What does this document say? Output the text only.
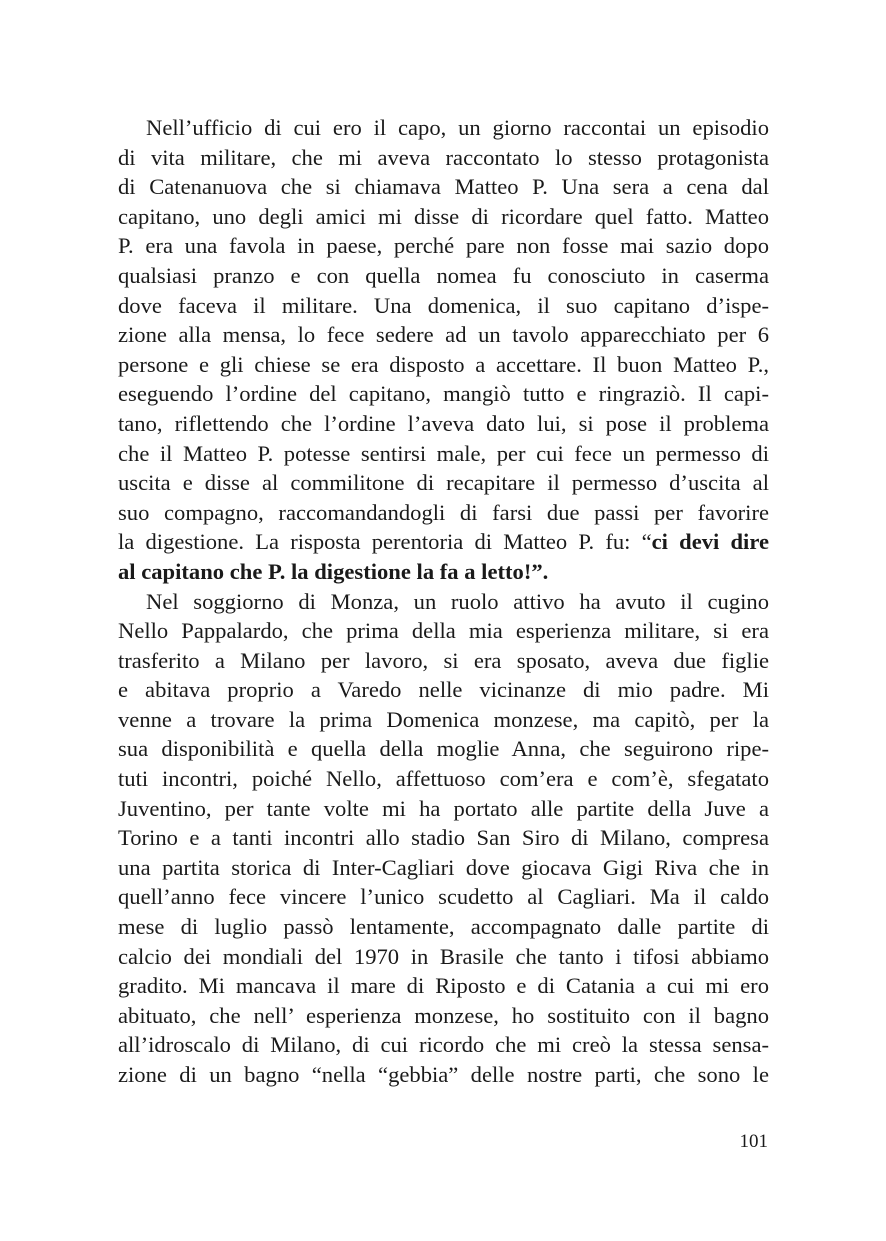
Nell’ufficio di cui ero il capo, un giorno raccontai un episodio
di vita militare, che mi aveva raccontato lo stesso protagonista
di Catenanuova che si chiamava Matteo P. Una sera a cena dal
capitano, uno degli amici mi disse di ricordare quel fatto. Matteo
P. era una favola in paese, perché pare non fosse mai sazio dopo
qualsiasi pranzo e con quella nomea fu conosciuto in caserma
dove faceva il militare. Una domenica, il suo capitano d’ispe-
zione alla mensa, lo fece sedere ad un tavolo apparecchiato per 6
persone e gli chiese se era disposto a accettare. Il buon Matteo P.,
eseguendo l’ordine del capitano, mangiò tutto e ringraziò. Il capi-
tano, riflettendo che l’ordine l’aveva dato lui, si pose il problema
che il Matteo P. potesse sentirsi male, per cui fece un permesso di
uscita e disse al commilitone di recapitare il permesso d’uscita al
suo compagno, raccomandandogli di farsi due passi per favorire
la digestione. La risposta perentoria di Matteo P. fu: “ci devi dire
al capitano che P. la digestione la fa a letto!”.
Nel soggiorno di Monza, un ruolo attivo ha avuto il cugino
Nello Pappalardo, che prima della mia esperienza militare, si era
trasferito a Milano per lavoro, si era sposato, aveva due figlie
e abitava proprio a Varedo nelle vicinanze di mio padre. Mi
venne a trovare la prima Domenica monzese, ma capitò, per la
sua disponibilità e quella della moglie Anna, che seguirono ripe-
tuti incontri, poiché Nello, affettuoso com’era e com’è, sfegatato
Juventino, per tante volte mi ha portato alle partite della Juve a
Torino e a tanti incontri allo stadio San Siro di Milano, compresa
una partita storica di Inter-Cagliari dove giocava Gigi Riva che in
quell’anno fece vincere l’unico scudetto al Cagliari. Ma il caldo
mese di luglio passò lentamente, accompagnato dalle partite di
calcio dei mondiali del 1970 in Brasile che tanto i tifosi abbiamo
gradito. Mi mancava il mare di Riposto e di Catania a cui mi ero
abituato, che nell’ esperienza monzese, ho sostituito con il bagno
all’idroscalo di Milano, di cui ricordo che mi creò la stessa sensa-
zione di un bagno “nella “gebbia” delle nostre parti, che sono le
101
